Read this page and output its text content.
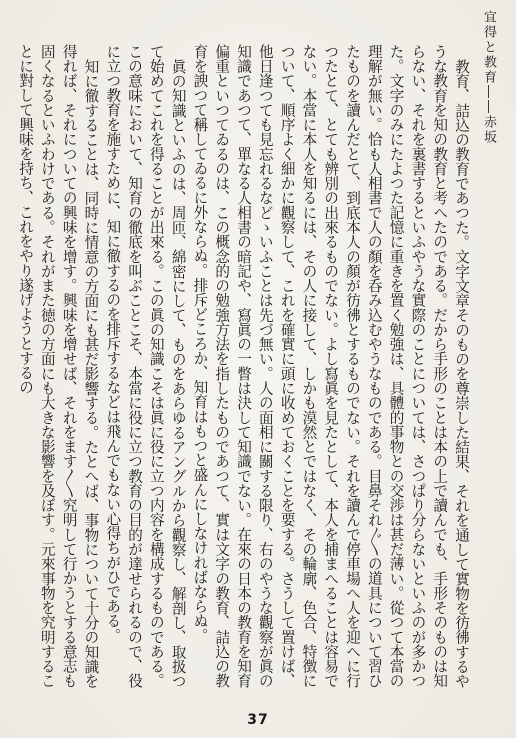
宜得と教育――赤坂

教育、詰込の教育であつた。文字文章そのものを尊崇した結果、それを通して實物を彷彿するやうな教育を知の教育と考へたのである。だから手形のことは本の上で讀んでも、手形そのものは知らない、それを裏書するといふやうな實際のことについては、さつぱり分らないといふのが多かつた。文字のみにたよつた記憶に重きを置く勉強は、具體的事物との交渉は甚だ薄い。從つて本當の理解が無い。恰も人相書で人の顏を呑み込むやうなものである。目鼻それ〴〵の道具について習ひたものを讀んだとて、到底本人の顏が彷彿とするものでない。それを讀んで停車場へ人を迎へに行つたとて、とても辨別の出來るものでない。よし寫眞を見たとして、本人を捕まへることは容易でない。本當に本人を知るには、その人に接して、しかも漠然とではなく、その輪廓、色合、特徴について、順序よく細かに觀察して、これを確實に頭に收めておくことを要する。さうして置けば、他日逢つても見忘れるなどゝいふことは先づ無い。人の面相に關する限り、右のやうな觀察が眞の知識であつて、單なる人相書の暗記や、寫眞の一瞥は決して知識でない。在來の日本の教育を知育偏重といつてゐるのは、この概念的の勉強方法を指したものであつて、實は文字の教育、詰込の教育を諛つて稱してゐるに外ならぬ。排斥どころか、知育はもつと盛んにしなければならぬ。

眞の知識といふのは、周匝、綿密にして、ものをあらゆるアングルから觀察し、解剖し、取扱つて始めてこれを得ることが出來る。この眞の知識こそは眞に役に立つ内容を構成するものである。この意味において、知育の徹底を叫ぶことこそ、本當に役に立つ教育の目的が達せられるので、役に立つ教育を施すために、知に徹するのを排斥するなどは飛んでもない心得ちがひである。

知に徹することは、同時に情意の方面にも甚だ影響する。たとへば、事物について十分の知識を得れば、それについての興味を增す。興味を增せば、それをます〳〵究明して行かうとする意志も固くなるといふわけである。それがまた徳の方面にも大きな影響を及ぼす。元來事物を究明することに對して興味を持ち、これをやり遂げようとするの

37
